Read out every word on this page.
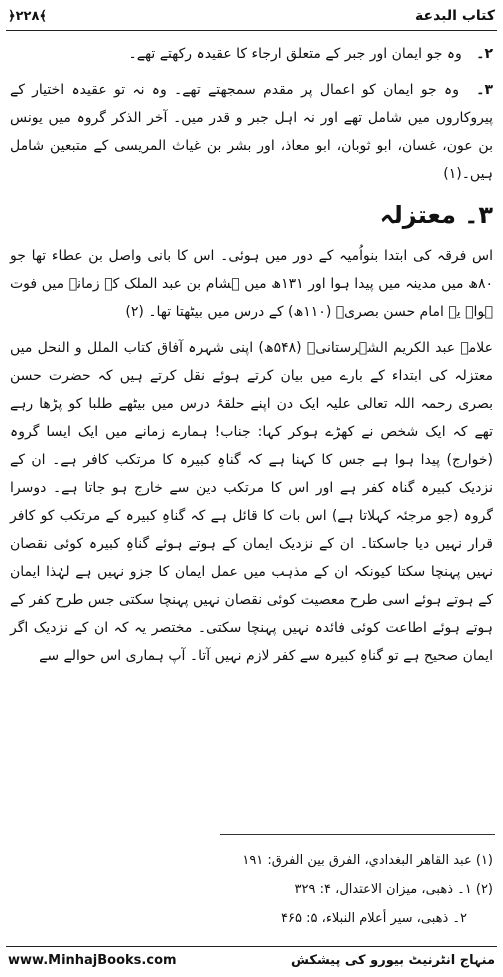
کتاب البدعة
﴿۲۲۸﴾

۲۔ وہ جو ایمان اور جبر کے متعلق ارجاء کا عقیدہ رکھتے تھے۔

۳۔ وہ جو ایمان کو اعمال پر مقدم سمجھتے تھے۔ وہ نہ تو عقیدہ اختیار کے پیروکاروں میں شامل تھے اور نہ اہل جبر و قدر میں۔ آخر الذکر گروہ میں یونس بن عون، غسان، ابو ثوبان، ابو معاذ، اور بشر بن غیاث المریسی کے متبعین شامل ہیں۔(۱)

۳۔ معتزلہ

اس فرقہ کی ابتدا بنواُمیہ کے دور میں ہوئی۔ اس کا بانی واصل بن عطاء تھا جو ۸۰ھ میں مدینہ میں پیدا ہوا اور ۱۳۱ھ میں ہشام بن عبد الملک کے زمانے میں فوت ہوا۔ یہ امام حسن بصریؒ (۱۱۰ھ) کے درس میں بیٹھتا تھا۔ (۲)

علامہ عبد الکریم الشہرستانیؒ (۵۴۸ھ) اپنی شہرہ آفاق کتاب الملل و النحل میں معتزلہ کی ابتداء کے بارے میں بیان کرتے ہوئے نقل کرتے ہیں کہ حضرت حسن بصری رحمہ اللہ تعالی علیہ ایک دن اپنے حلقۂ درس میں بیٹھے طلبا کو پڑھا رہے تھے کہ ایک شخص نے کھڑے ہوکر کہا: جناب! ہمارے زمانے میں ایک ایسا گروہ (خوارج) پیدا ہوا ہے جس کا کہنا ہے کہ گناہِ کبیرہ کا مرتکب کافر ہے۔ ان کے نزدیک کبیرہ گناہ کفر ہے اور اس کا مرتکب دین سے خارج ہو جاتا ہے۔ دوسرا گروہ (جو مرجئہ کہلاتا ہے) اس بات کا قائل ہے کہ گناہِ کبیرہ کے مرتکب کو کافر قرار نہیں دیا جاسکتا۔ ان کے نزدیک ایمان کے ہوتے ہوئے گناہِ کبیرہ کوئی نقصان نہیں پہنچا سکتا کیونکہ ان کے مذہب میں عمل ایمان کا جزو نہیں ہے لہٰذا ایمان کے ہوتے ہوئے اسی طرح معصیت کوئی نقصان نہیں پہنچا سکتی جس طرح کفر کے ہوتے ہوئے اطاعت کوئی فائدہ نہیں پہنچا سکتی۔ مختصر یہ کہ ان کے نزدیک اگر ایمان صحیح ہے تو گناہِ کبیرہ سے کفر لازم نہیں آتا۔ آپ ہماری اس حوالے سے

(۱) عبد القاهر البغدادي، الفرق بين الفرق: ۱۹۱

(۲) ۱۔ ذهبی، ميزان الاعتدال، ۴: ۳۲۹

۲۔ ذهبی، سير أعلام النبلاء، ۵: ۴۶۵

منہاج انٹرنیٹ بیورو کی پیشکش
www.MinhajBooks.com
